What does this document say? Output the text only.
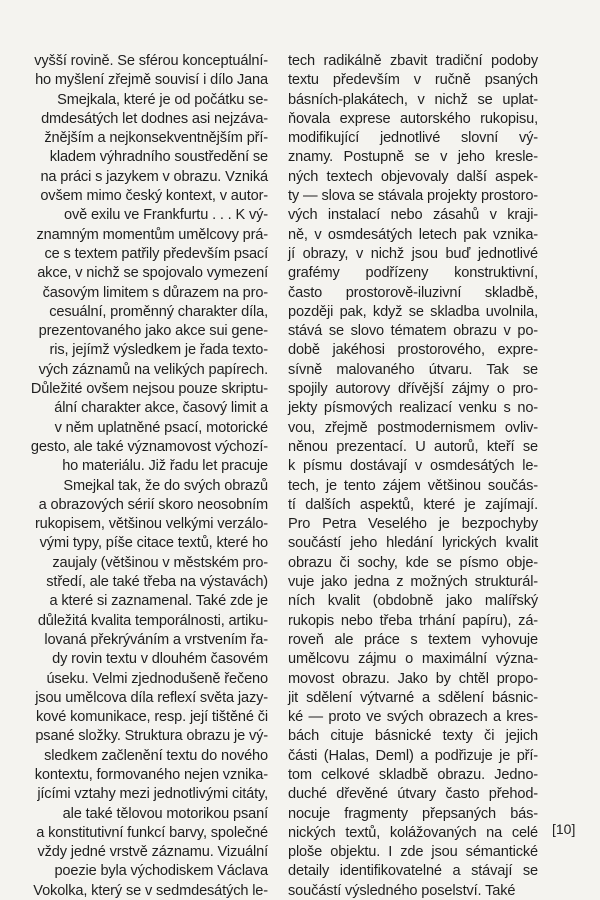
vyšší rovině. Se sférou konceptuální-
ho myšlení zřejmě souvisí i dílo Jana
Smejkala, které je od počátku se-
dmdesátých let dodnes asi nejzáva-
žnějším a nejkonsekventnějším pří-
kladem výhradního soustředění se
na práci s jazykem v obrazu. Vzniká
ovšem mimo český kontext, v autor-
ově exilu ve Frankfurtu . . . K vý-
znamným momentům umělcovy prá-
ce s textem patřily především psací
akce, v nichž se spojovalo vymezení
časovým limitem s důrazem na pro-
cesuální, proměnný charakter díla,
prezentovaného jako akce sui gene-
ris, jejímž výsledkem je řada texto-
vých záznamů na velikých papírech.
Důležité ovšem nejsou pouze skriptu-
ální charakter akce, časový limit a
v něm uplatněné psací, motorické
gesto, ale také významovost výchozí-
ho materiálu. Již řadu let pracuje
Smejkal tak, že do svých obrazů
a obrazových sérií skoro neosobním
rukopisem, většinou velkými verzálo-
vými typy, píše citace textů, které ho
zaujaly (většinou v městském pro-
středí, ale také třeba na výstavách)
a které si zaznamenal. Také zde je
důležitá kvalita temporálnosti, artiku-
lovaná překrýváním a vrstvením řa-
dy rovin textu v dlouhém časovém
úseku. Velmi zjednodušeně řečeno
jsou umělcova díla reflexí světa jazy-
kové komunikace, resp. její tištěné či
psané složky. Struktura obrazu je vý-
sledkem začlenění textu do nového
kontextu, formovaného nejen vznika-
jícími vztahy mezi jednotlivými citáty,
ale také tělovou motorikou psaní
a konstitutivní funkcí barvy, společné
vždy jedné vrstvě záznamu. Vizuální
poezie byla východiskem Václava
Vokolka, který se v sedmdesátých le-
tech radikálně zbavit tradiční podoby
textu především v ručně psaných
básních-plakátech, v nichž se uplat-
ňovala exprese autorského rukopisu,
modifikující jednotlivé slovní vý-
znamy. Postupně se v jeho kresle-
ných textech objevovaly další aspek-
ty — slova se stávala projekty prostoro-
vých instalací nebo zásahů v kraji-
ně, v osmdesátých letech pak vznika-
jí obrazy, v nichž jsou buď jednotlivé
grafémy podřízeny konstruktivní,
často prostorově-iluzivní skladbě,
později pak, když se skladba uvolnila,
stává se slovo tématem obrazu v po-
době jakéhosi prostorového, expre-
sívně malovaného útvaru. Tak se
spojily autorovy dřívější zájmy o pro-
jekty písmových realizací venku s no-
vou, zřejmě postmodernismem ovliv-
něnou prezentací. U autorů, kteří se
k písmu dostávají v osmdesátých le-
tech, je tento zájem většinou součás-
tí dalších aspektů, které je zajímají.
Pro Petra Veselého je bezpochyby
součástí jeho hledání lyrických kvalit
obrazu či sochy, kde se písmo obje-
vuje jako jedna z možných strukturál-
ních kvalit (obdobně jako malířský
rukopis nebo třeba trhání papíru), zá-
roveň ale práce s textem vyhovuje
umělcovu zájmu o maximální význa-
movost obrazu. Jako by chtěl propo-
jit sdělení výtvarné a sdělení básnic-
ké — proto ve svých obrazech a kres-
bách cituje básnické texty či jejich
části (Halas, Deml) a podřizuje je pří-
tom celkové skladbě obrazu. Jedno-
duché dřevěné útvary často přehod-
nocuje fragmenty přepsaných bás-
nických textů, kolážovaných na celé
ploše objektu. I zde jsou sémantické
detaily identifikovatelné a stávají se
součástí výsledného poselství. Také
[10]
